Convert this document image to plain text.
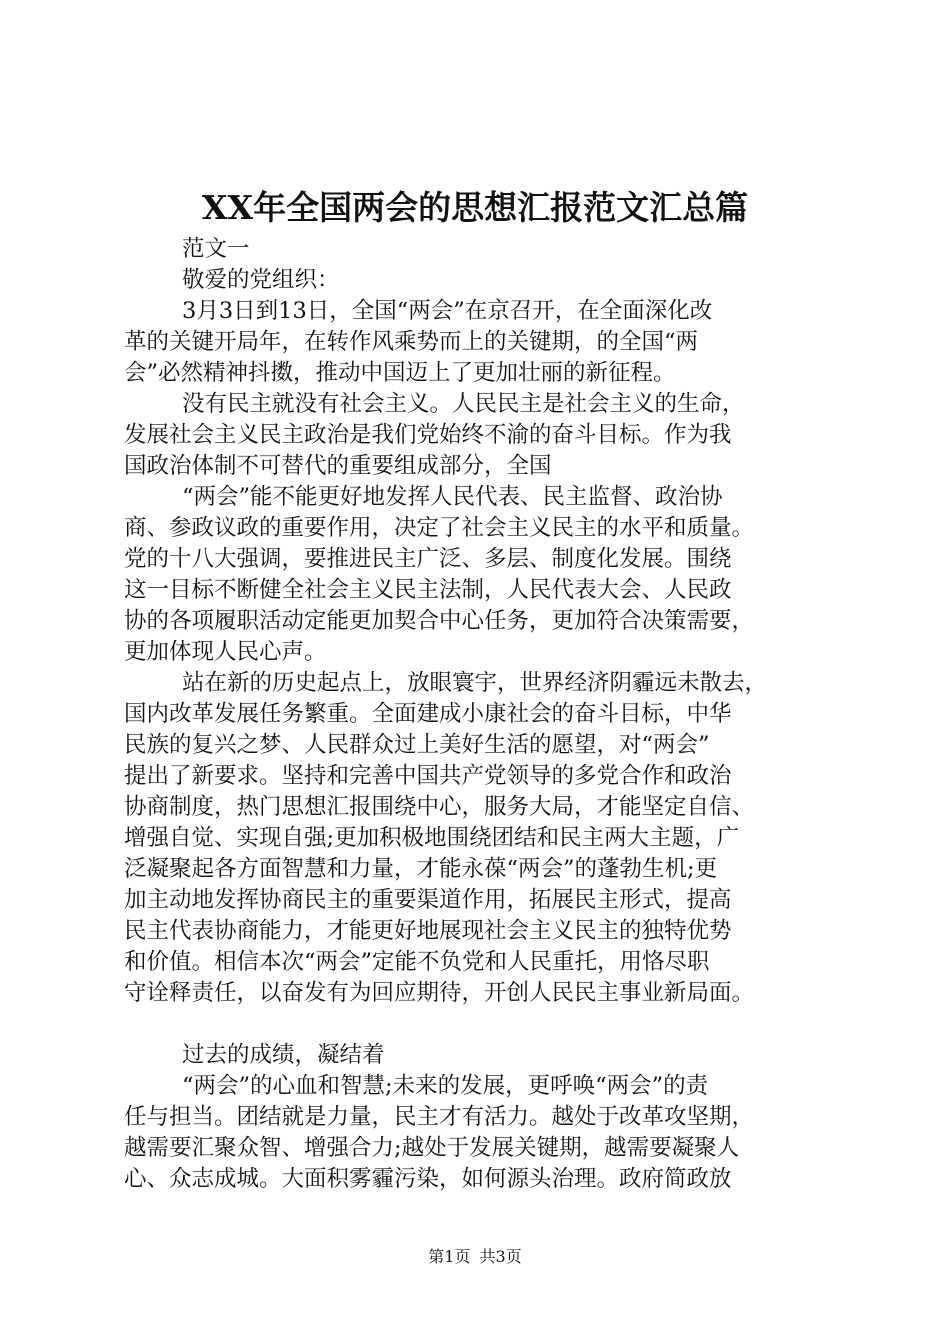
XX年全国两会的思想汇报范文汇总篇
范文一
敬爱的党组织：
3月3日到13日，全国“两会”在京召开，在全面深化改
革的关键开局年，在转作风乘势而上的关键期，的全国“两
会”必然精神抖擞，推动中国迈上了更加壮丽的新征程。
没有民主就没有社会主义。人民民主是社会主义的生命，
发展社会主义民主政治是我们党始终不渝的奋斗目标。作为我
国政治体制不可替代的重要组成部分，全国
“两会”能不能更好地发挥人民代表、民主监督、政治协
商、参政议政的重要作用，决定了社会主义民主的水平和质量。
党的十八大强调，要推进民主广泛、多层、制度化发展。围绕
这一目标不断健全社会主义民主法制，人民代表大会、人民政
协的各项履职活动定能更加契合中心任务，更加符合决策需要，
更加体现人民心声。
站在新的历史起点上，放眼寰宇，世界经济阴霾远未散去，
国内改革发展任务繁重。全面建成小康社会的奋斗目标，中华
民族的复兴之梦、人民群众过上美好生活的愿望，对“两会”
提出了新要求。坚持和完善中国共产党领导的多党合作和政治
协商制度，热门思想汇报围绕中心，服务大局，才能坚定自信、
增强自觉、实现自强;更加积极地围绕团结和民主两大主题，广
泛凝聚起各方面智慧和力量，才能永葆“两会”的蓬勃生机;更
加主动地发挥协商民主的重要渠道作用，拓展民主形式，提高
民主代表协商能力，才能更好地展现社会主义民主的独特优势
和价值。相信本次“两会”定能不负党和人民重托，用恪尽职
守诠释责任，以奋发有为回应期待，开创人民民主事业新局面。
过去的成绩，凝结着
“两会”的心血和智慧;未来的发展，更呼唤“两会”的责
任与担当。团结就是力量，民主才有活力。越处于改革攻坚期，
越需要汇聚众智、增强合力;越处于发展关键期，越需要凝聚人
心、众志成城。大面积雾霾污染，如何源头治理。政府简政放
第1页 共3页
